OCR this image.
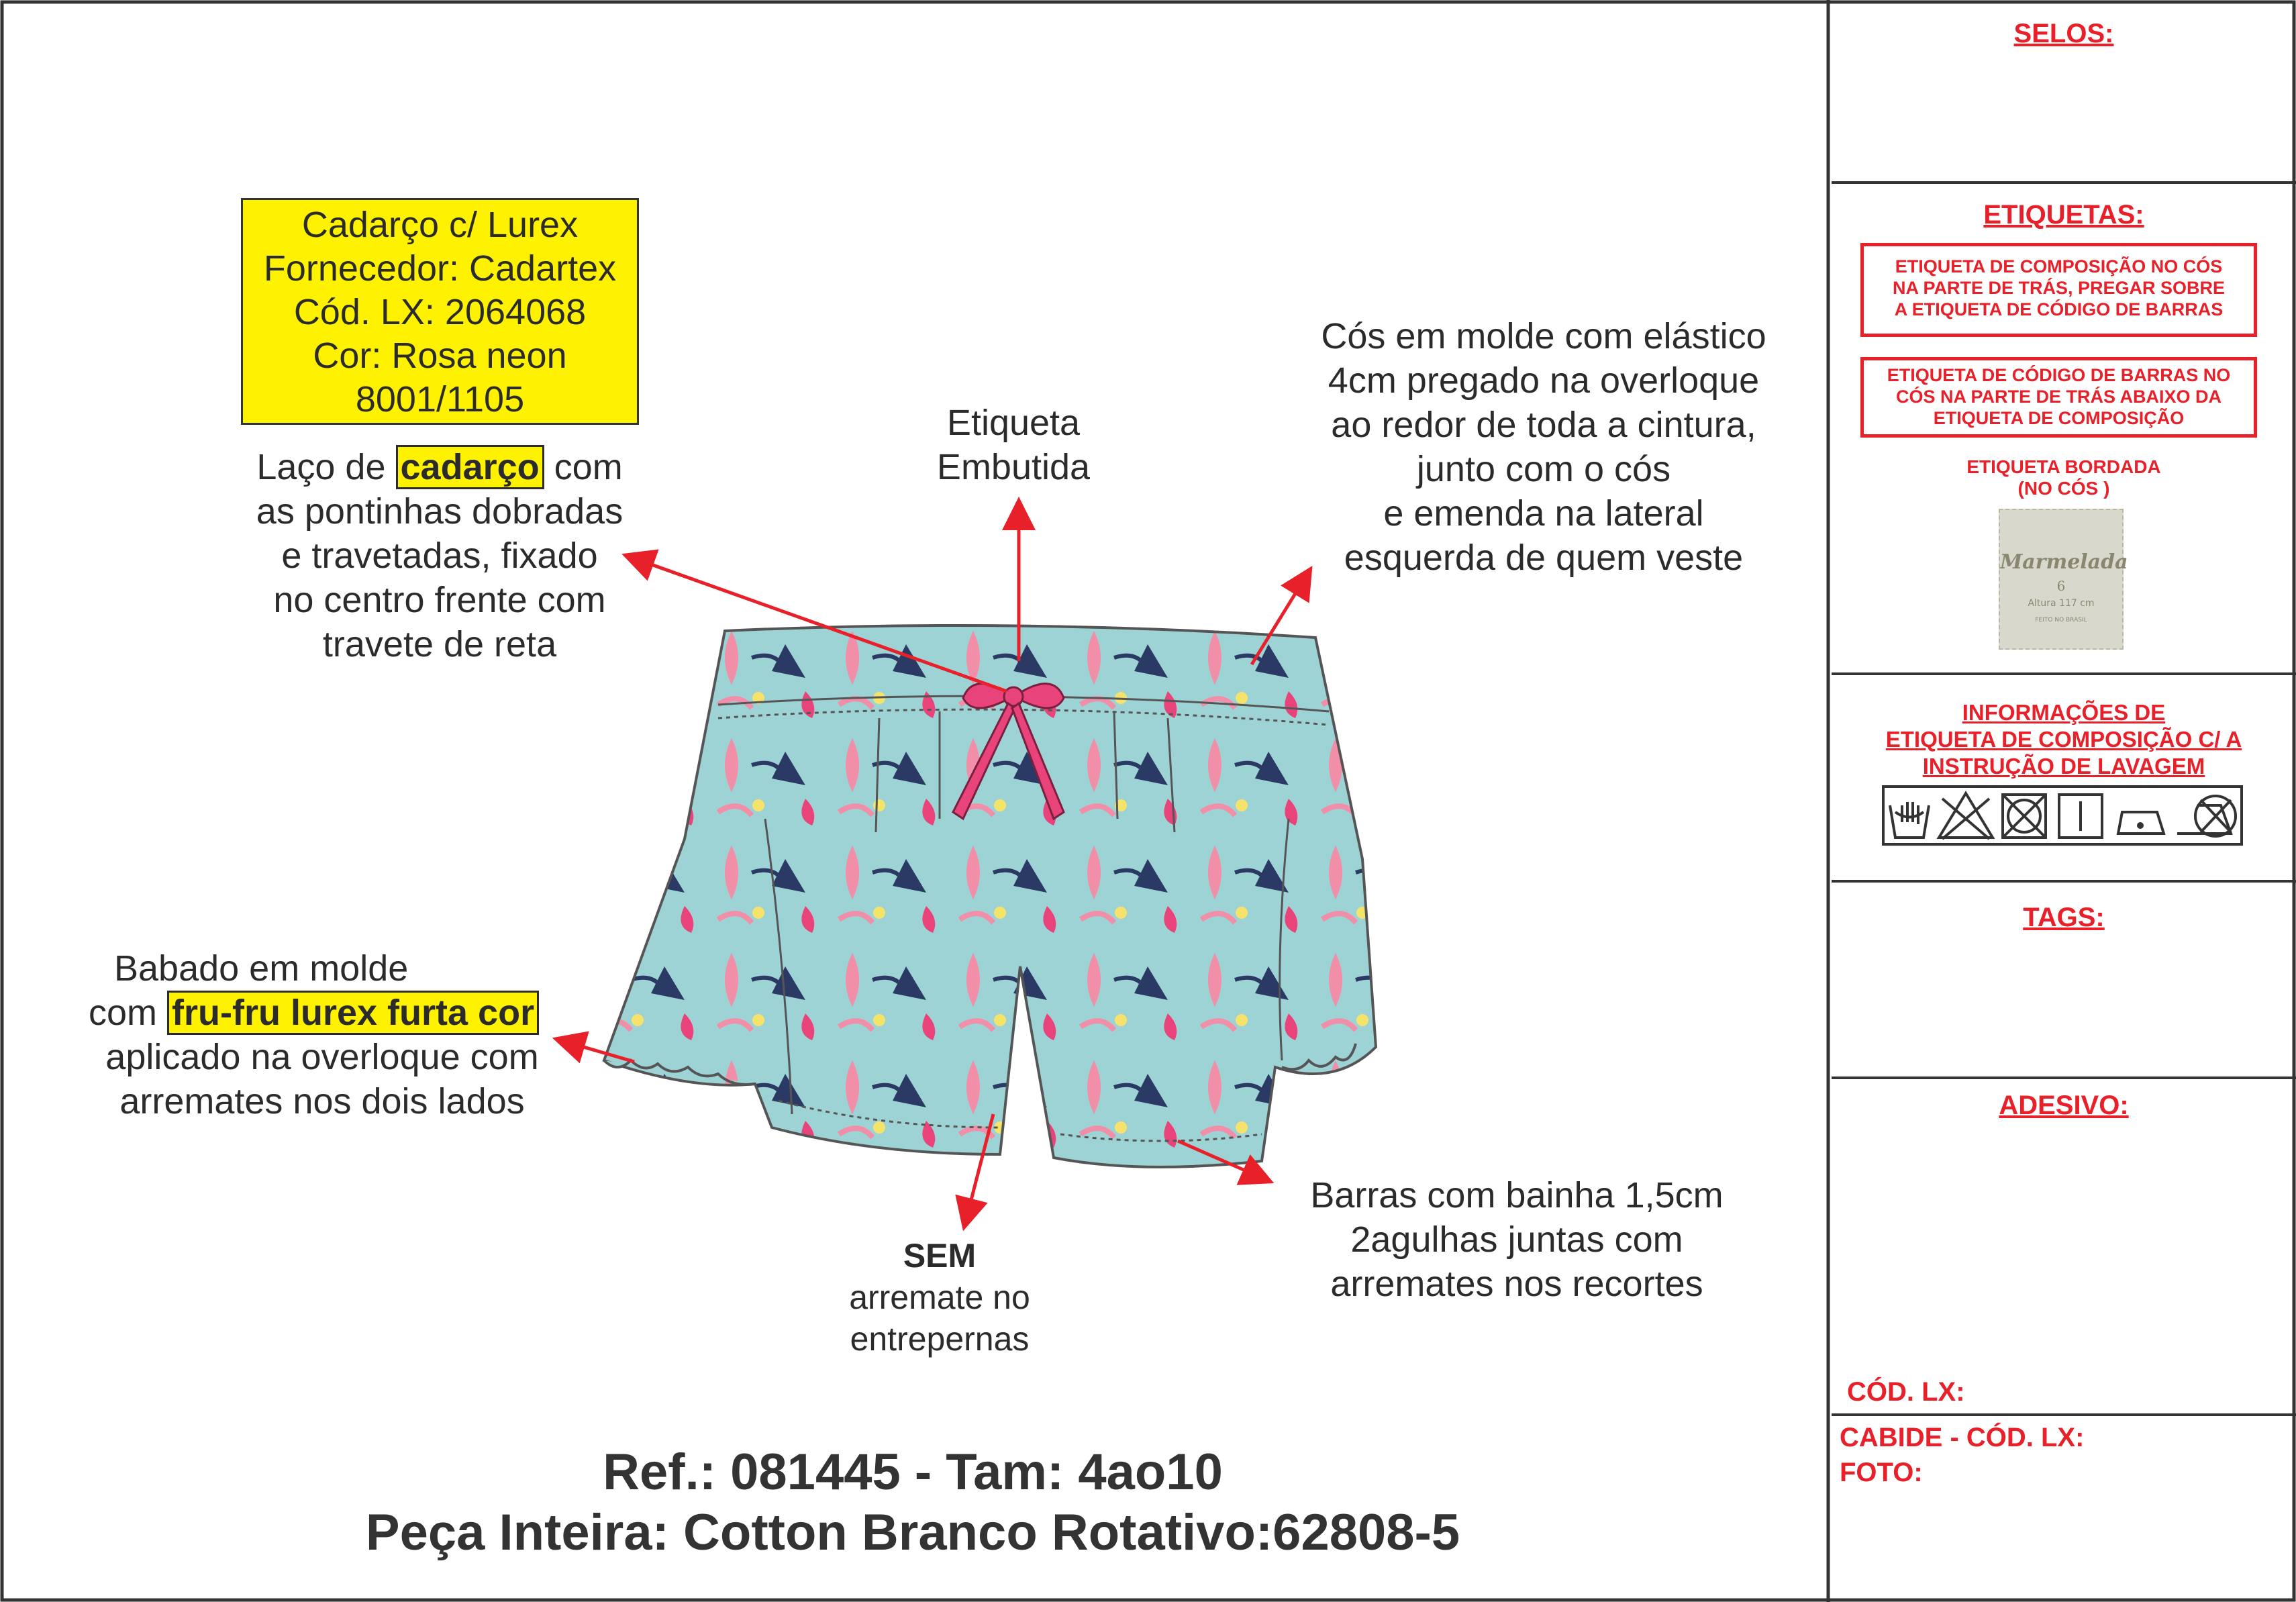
Cadarço c/ Lurex
Fornecedor: Cadartex
Cód. LX: 2064068
Cor: Rosa neon
8001/1105
Laço de cadarço com
as pontinhas dobradas
e travetadas, fixado
no centro frente com
travete de reta
Etiqueta
Embutida
Cós em molde com elástico
4cm pregado na overloque
ao redor de toda a cintura,
junto com o cós
e emenda na lateral
esquerda de quem veste
Babado em molde
com fru-fru lurex furta cor
aplicado na overloque com
arremates nos dois lados
Barras com bainha 1,5cm
2agulhas juntas com
arremates nos recortes
SEM
arremate no
entrepernas
Ref.: 081445 - Tam: 4ao10
Peça Inteira: Cotton Branco Rotativo:62808-5
SELOS:
ETIQUETAS:
ETIQUETA DE COMPOSIÇÃO NO CÓS
NA PARTE DE TRÁS, PREGAR SOBRE
A ETIQUETA DE CÓDIGO DE BARRAS
ETIQUETA DE CÓDIGO DE BARRAS NO
CÓS NA PARTE DE TRÁS ABAIXO DA
ETIQUETA DE COMPOSIÇÃO
ETIQUETA BORDADA
(NO CÓS )
Marmelada
6
Altura 117 cm
FEITO NO BRASIL
INFORMAÇÕES DE
ETIQUETA DE COMPOSIÇÃO C/ A
INSTRUÇÃO DE LAVAGEM
TAGS:
ADESIVO:
CÓD. LX:
CABIDE - CÓD. LX:
FOTO:
